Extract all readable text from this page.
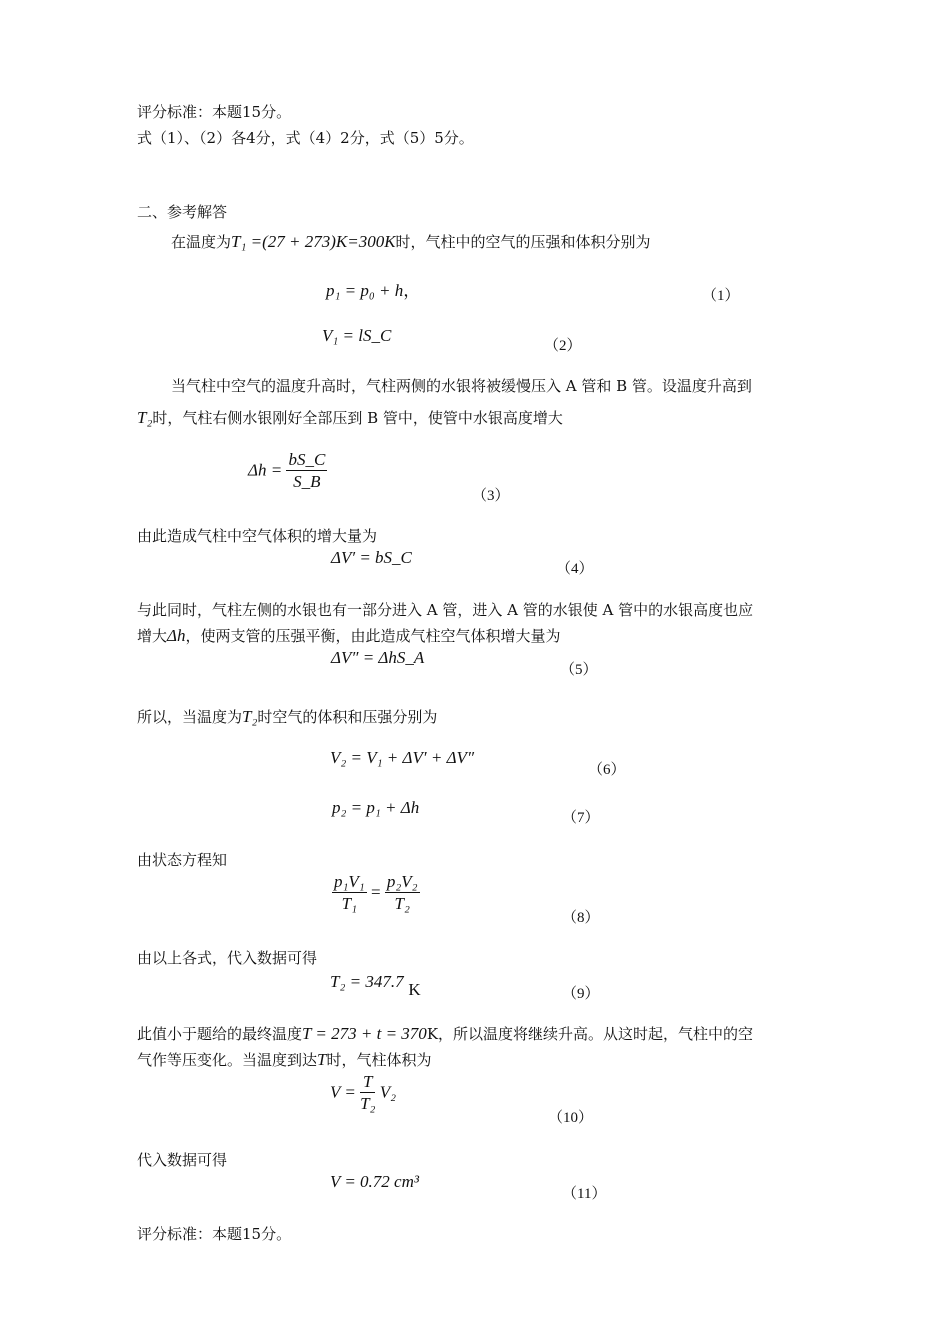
评分标准：本题15分。
式（1）、（2）各4分，式（4）2分，式（5）5分。
二、参考解答
在温度为T₁ =(27 + 273)K=300K时，气柱中的空气的压强和体积分别为
p₁ = p₀ + h，	（1）
V₁ = lS_C
（2）
当气柱中空气的温度升高时，气柱两侧的水银将被缓慢压入 A 管和 B 管。设温度升高到
T₂时，气柱右侧水银刚好全部压到 B 管中，使管中水银高度增大
$\Delta h = \frac{bS\_C}{S\_B}$
（3）
由此造成气柱中空气体积的增大量为
ΔV′ = bS_C
（4）
与此同时，气柱左侧的水银也有一部分进入 A 管，进入 A 管的水银使 A 管中的水银高度也应
增大Δh，使两支管的压强平衡，由此造成气柱空气体积增大量为
ΔV″ = ΔhS_A
（5）
所以，当温度为T₂时空气的体积和压强分别为
V₂ = V₁ + ΔV′ + ΔV″
（6）
p₂ = p₁ + Δh
（7）
由状态方程知
$\frac{\text{p₁V₁}}{\text{T₁}} = \frac{\text{p₂V₂}}{\text{T₂}}$
（8）
由以上各式，代入数据可得
T₂ = 347.7 K	（9）
此值小于题给的最终温度T = 273 + t = 370K，所以温度将继续升高。从这时起，气柱中的空
气作等压变化。当温度到达T时，气柱体积为
$V = \frac{T}{\text{T₂}} V_2$
（10）
代入数据可得
V = 0.72 cm³
（11）
评分标准：本题15分。
